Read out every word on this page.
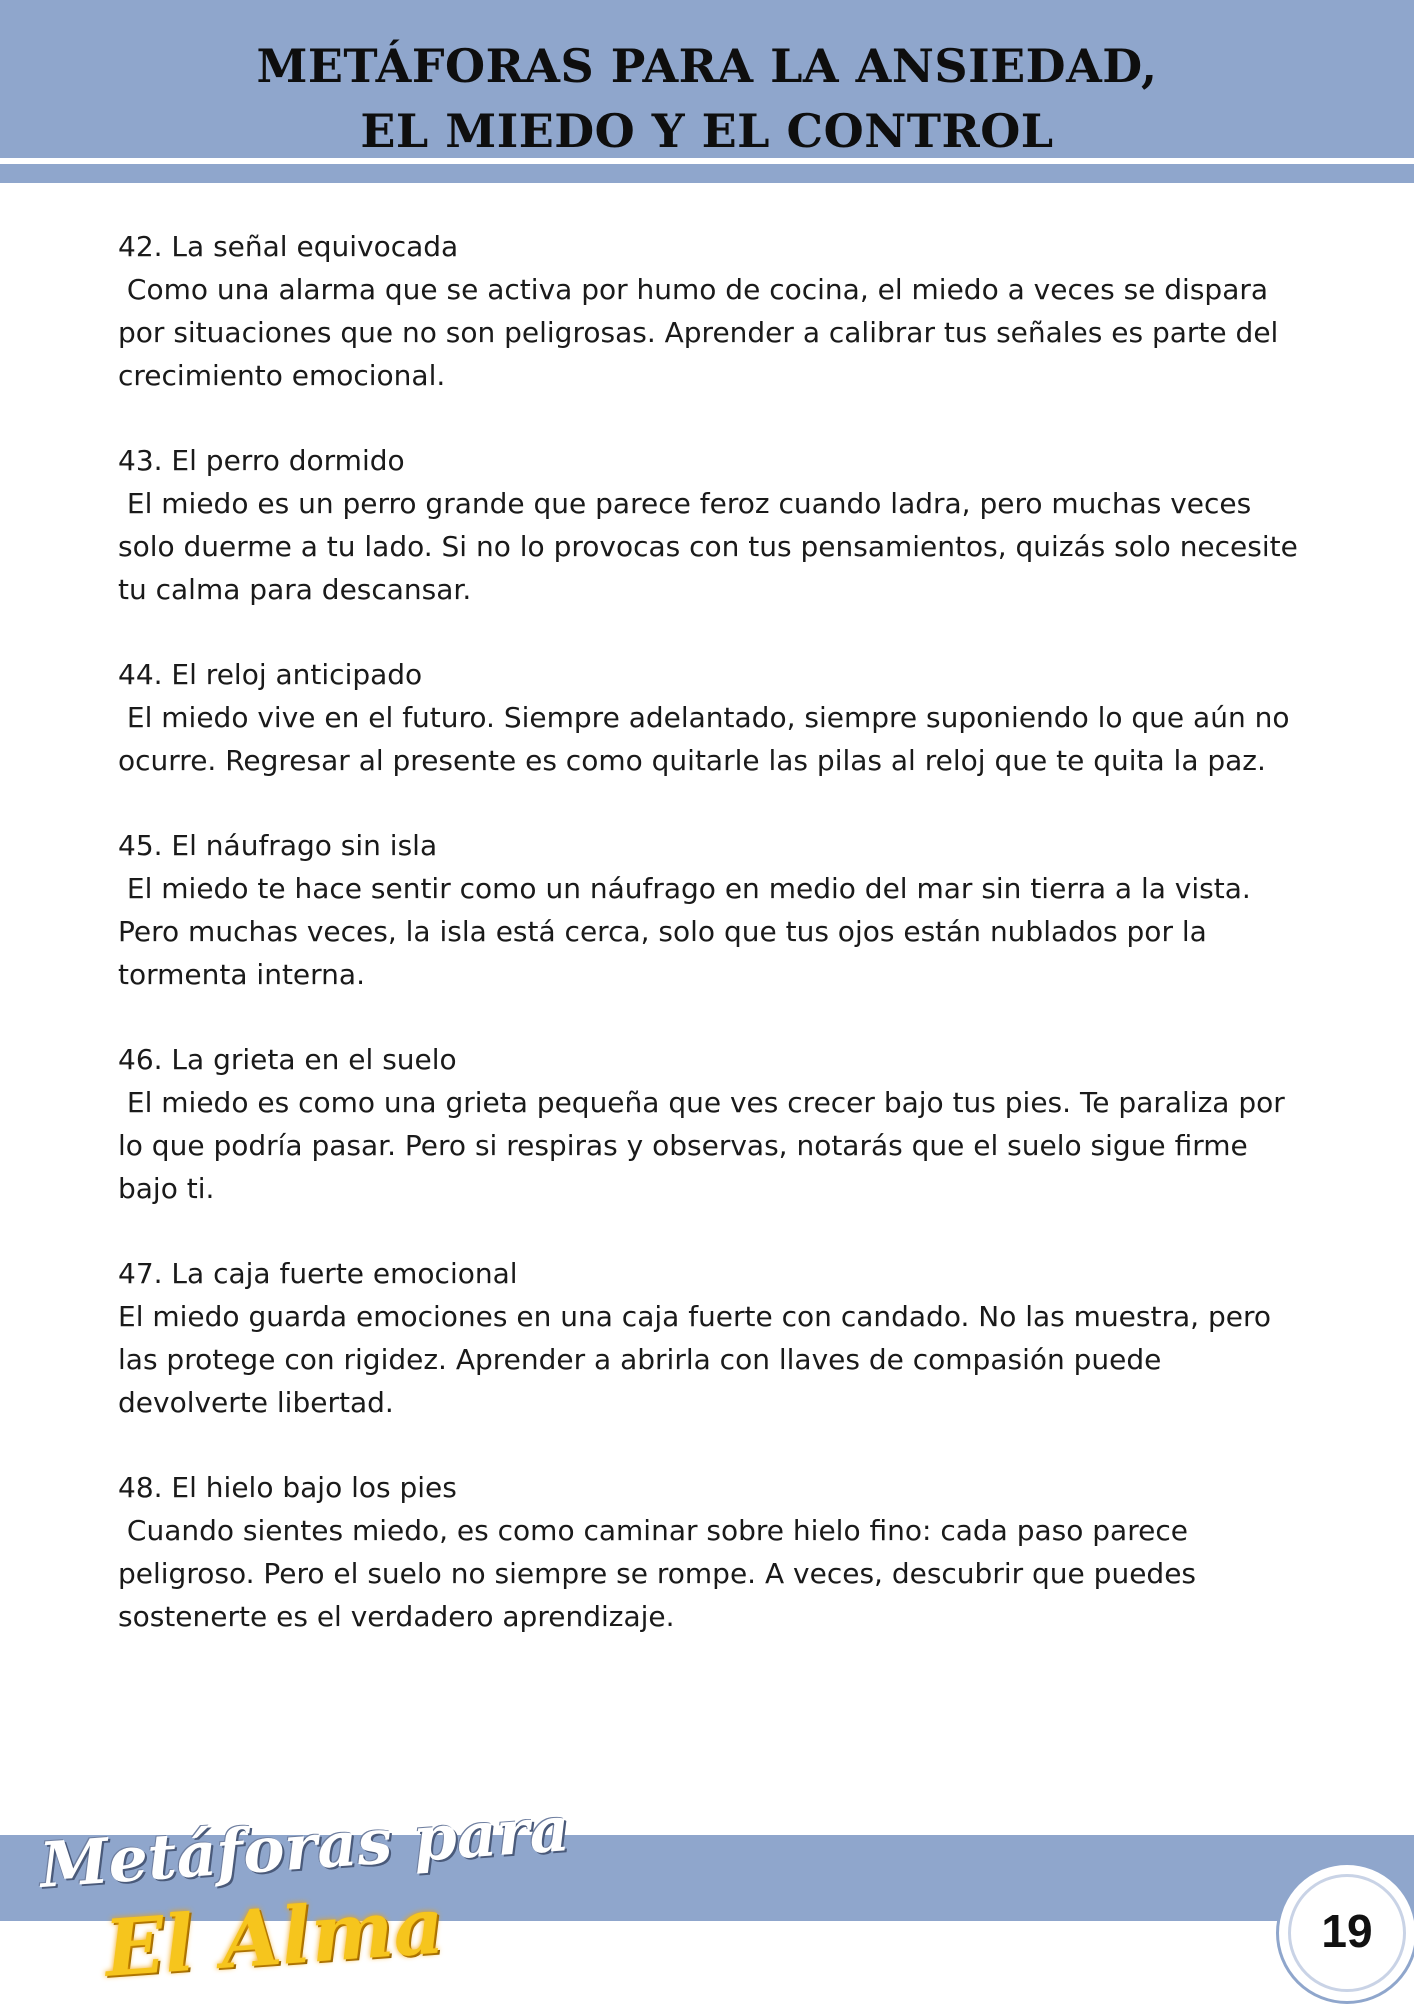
METÁFORAS PARA LA ANSIEDAD,
EL MIEDO Y EL CONTROL
42. La señal equivocada
Como una alarma que se activa por humo de cocina, el miedo a veces se dispara por situaciones que no son peligrosas. Aprender a calibrar tus señales es parte del crecimiento emocional.
43. El perro dormido
El miedo es un perro grande que parece feroz cuando ladra, pero muchas veces solo duerme a tu lado. Si no lo provocas con tus pensamientos, quizás solo necesite tu calma para descansar.
44. El reloj anticipado
El miedo vive en el futuro. Siempre adelantado, siempre suponiendo lo que aún no ocurre. Regresar al presente es como quitarle las pilas al reloj que te quita la paz.
45. El náufrago sin isla
El miedo te hace sentir como un náufrago en medio del mar sin tierra a la vista. Pero muchas veces, la isla está cerca, solo que tus ojos están nublados por la tormenta interna.
46. La grieta en el suelo
El miedo es como una grieta pequeña que ves crecer bajo tus pies. Te paraliza por lo que podría pasar. Pero si respiras y observas, notarás que el suelo sigue firme bajo ti.
47. La caja fuerte emocional
El miedo guarda emociones en una caja fuerte con candado. No las muestra, pero las protege con rigidez. Aprender a abrirla con llaves de compasión puede devolverte libertad.
48. El hielo bajo los pies
Cuando sientes miedo, es como caminar sobre hielo fino: cada paso parece peligroso. Pero el suelo no siempre se rompe. A veces, descubrir que puedes sostenerte es el verdadero aprendizaje.
Metáforas para
El Alma	19
